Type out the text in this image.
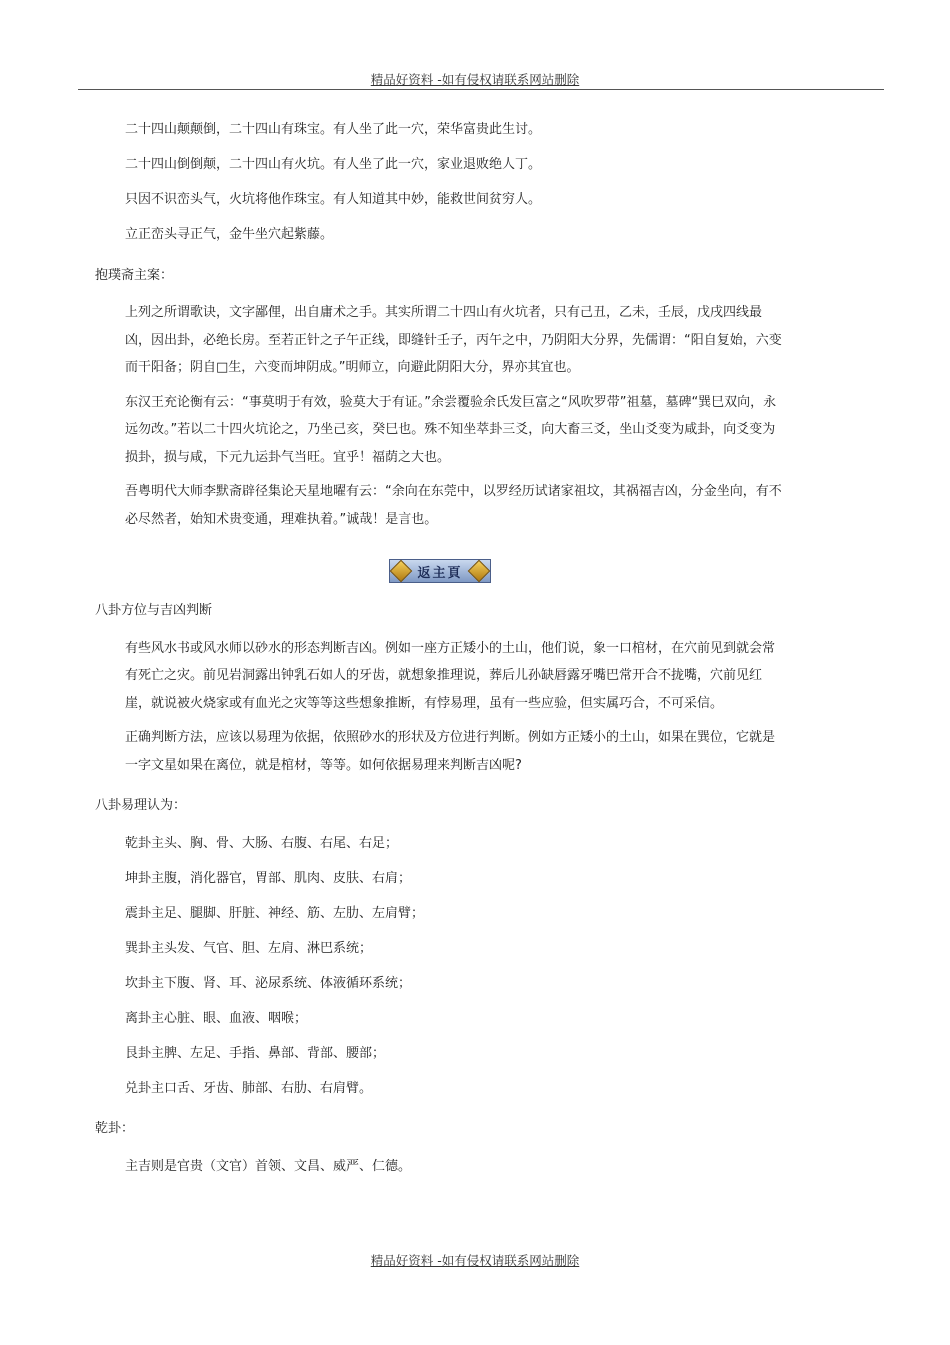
精品好资料 -如有侵权请联系网站删除

二十四山颠颠倒，二十四山有珠宝。有人坐了此一穴，荣华富贵此生讨。

二十四山倒倒颠，二十四山有火坑。有人坐了此一穴，家业退败绝人丁。

只因不识峦头气，火坑将他作珠宝。有人知道其中妙，能救世间贫穷人。

立正峦头寻正气，金牛坐穴起紫藤。

抱璞斋主案：

上列之所谓歌诀，文字鄙俚，出自庸术之手。其实所谓二十四山有火坑者，只有己丑，乙未，壬辰，戊戌四线最凶，因出卦，必绝长房。至若正针之子午正线，即缝针壬子，丙午之中，乃阴阳大分界，先儒谓：“阳自复始，六变而干阳备；阴自□生，六变而坤阴成。”明师立，向避此阴阳大分，界亦其宜也。

东汉王充论衡有云：“事莫明于有效，验莫大于有证。”余尝覆验余氏发巨富之“风吹罗带”祖墓，墓碑“巽巳双向，永远勿改。”若以二十四火坑论之，乃坐己亥，癸巳也。殊不知坐萃卦三爻，向大畜三爻，坐山爻变为咸卦，向爻变为损卦，损与咸，下元九运卦气当旺。宜乎！福荫之大也。

吾粤明代大师李默斋辟径集论天星地曜有云：“余向在东莞中，以罗经历试诸家祖坟，其祸福吉凶，分金坐向，有不必尽然者，始知术贵变通，理难执着。”诚哉！是言也。

返主頁

八卦方位与吉凶判断

有些风水书或风水师以砂水的形态判断吉凶。例如一座方正矮小的土山，他们说，象一口棺材，在穴前见到就会常有死亡之灾。前见岩洞露出钟乳石如人的牙齿，就想象推理说，葬后儿孙缺唇露牙嘴巴常开合不拢嘴，穴前见红崖，就说被火烧家或有血光之灾等等这些想象推断，有悖易理，虽有一些应验，但实属巧合，不可采信。

正确判断方法，应该以易理为依据，依照砂水的形状及方位进行判断。例如方正矮小的土山，如果在巽位，它就是一字文星如果在离位，就是棺材，等等。如何依据易理来判断吉凶呢?

八卦易理认为：

乾卦主头、胸、骨、大肠、右腹、右尾、右足；

坤卦主腹，消化器官，胃部、肌肉、皮肤、右肩；

震卦主足、腿脚、肝脏、神经、筋、左肋、左肩臂；

巽卦主头发、气官、胆、左肩、淋巴系统；

坎卦主下腹、肾、耳、泌尿系统、体液循环系统；

离卦主心脏、眼、血液、咽喉；

艮卦主脾、左足、手指、鼻部、背部、腰部；

兑卦主口舌、牙齿、肺部、右肋、右肩臂。

乾卦：

主吉则是官贵（文官）首领、文昌、威严、仁德。

精品好资料 -如有侵权请联系网站删除
